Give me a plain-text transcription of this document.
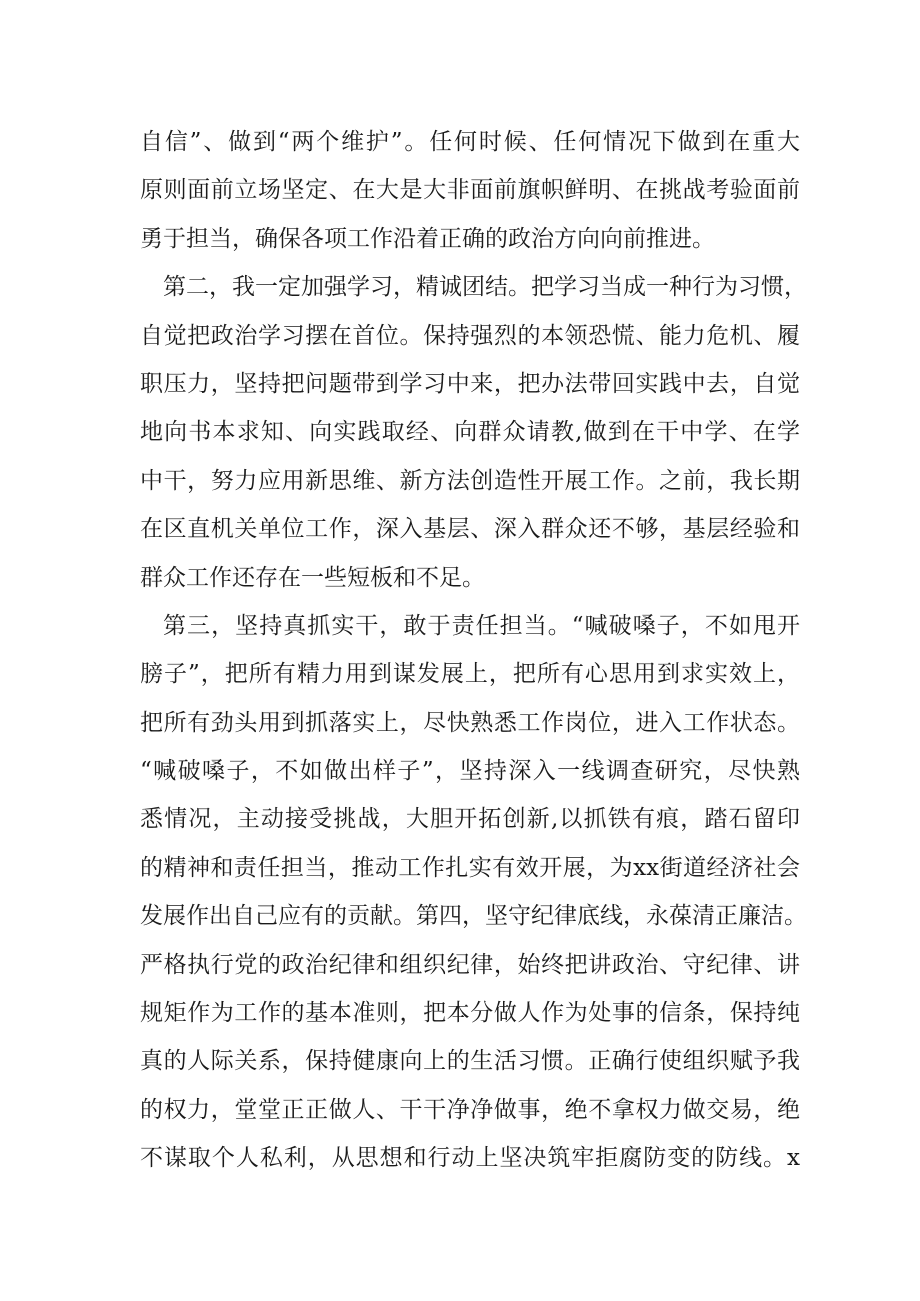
自信”、做到“两个维护”。任何时候、任何情况下做到在重大
原则面前立场坚定、在大是大非面前旗帜鲜明、在挑战考验面前
勇于担当，确保各项工作沿着正确的政治方向向前推进。
第二，我一定加强学习，精诚团结。把学习当成一种行为习惯，
自觉把政治学习摆在首位。保持强烈的本领恐慌、能力危机、履
职压力，坚持把问题带到学习中来，把办法带回实践中去，自觉
地向书本求知、向实践取经、向群众请教,做到在干中学、在学
中干，努力应用新思维、新方法创造性开展工作。之前，我长期
在区直机关单位工作，深入基层、深入群众还不够，基层经验和
群众工作还存在一些短板和不足。
第三，坚持真抓实干，敢于责任担当。“喊破嗓子，不如甩开
膀子”，把所有精力用到谋发展上，把所有心思用到求实效上，
把所有劲头用到抓落实上，尽快熟悉工作岗位，进入工作状态。
“喊破嗓子，不如做出样子”，坚持深入一线调查研究，尽快熟
悉情况，主动接受挑战，大胆开拓创新,以抓铁有痕，踏石留印
的精神和责任担当，推动工作扎实有效开展，为xx街道经济社会
发展作出自己应有的贡献。第四，坚守纪律底线，永葆清正廉洁。
严格执行党的政治纪律和组织纪律，始终把讲政治、守纪律、讲
规矩作为工作的基本准则，把本分做人作为处事的信条，保持纯
真的人际关系，保持健康向上的生活习惯。正确行使组织赋予我
的权力，堂堂正正做人、干干净净做事，绝不拿权力做交易，绝
不谋取个人私利，从思想和行动上坚决筑牢拒腐防变的防线。x
